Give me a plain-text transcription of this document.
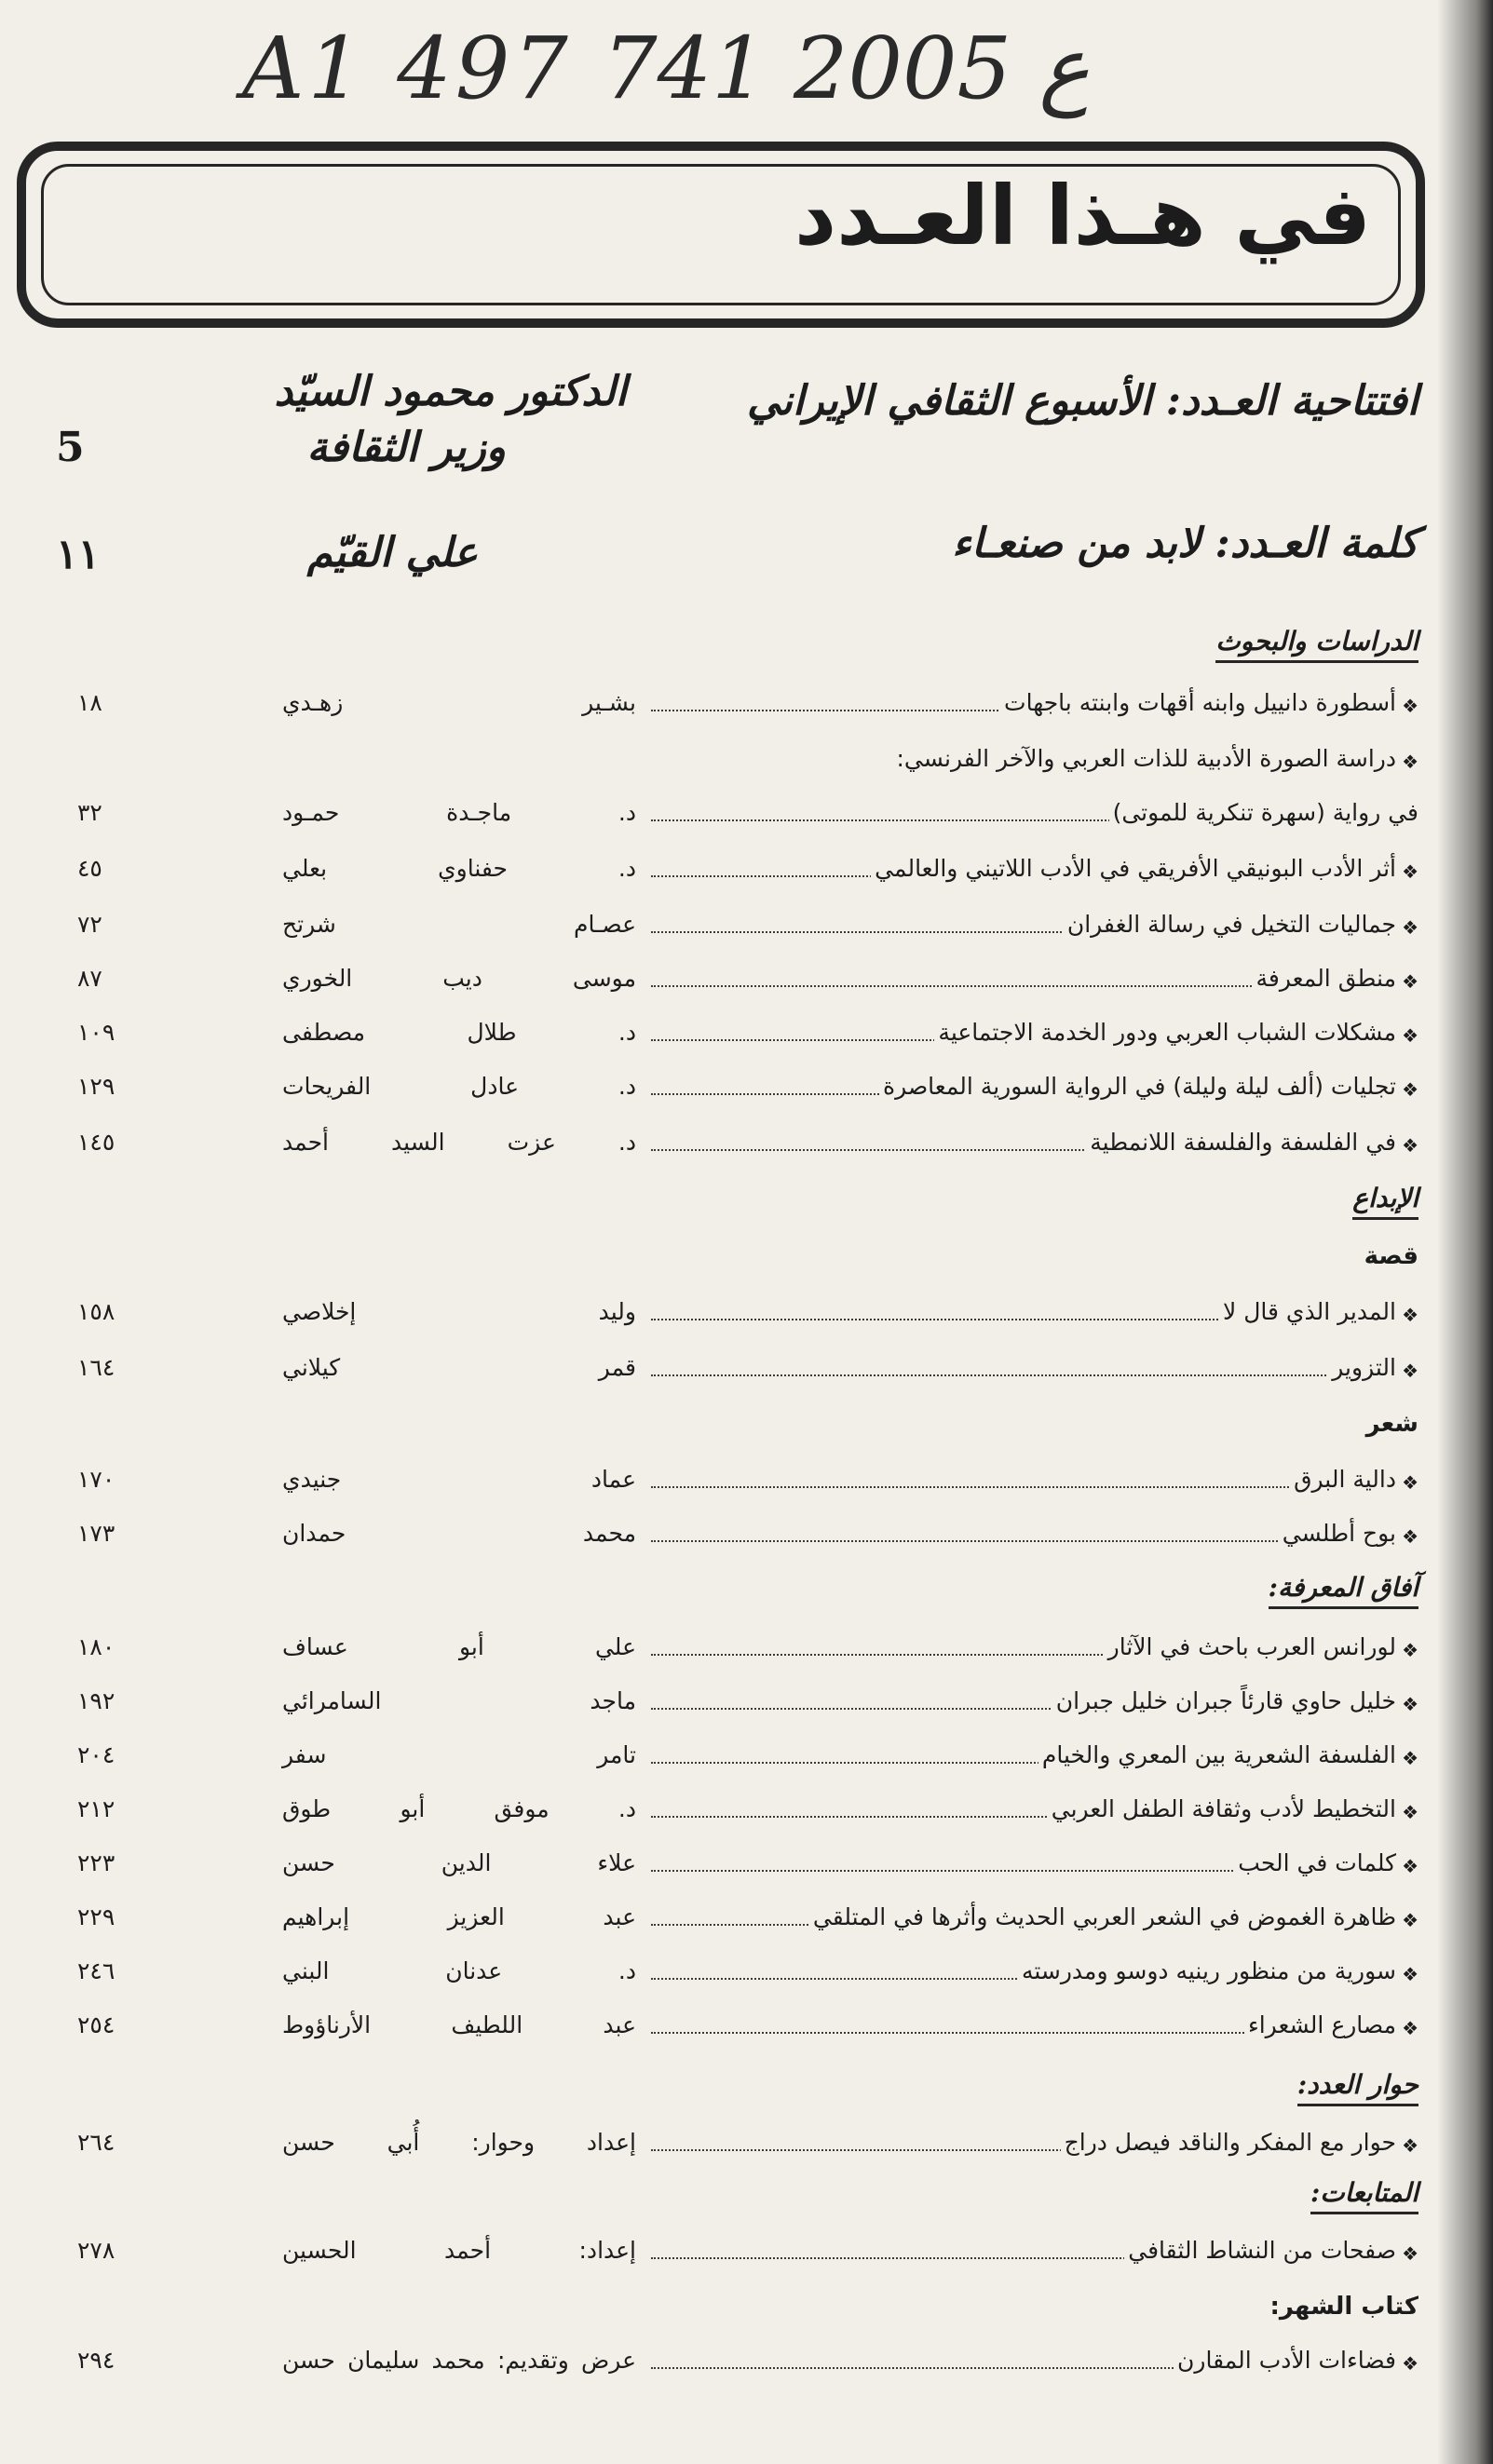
A1 497 ع 2005 741
في هـذا العـدد
افتتاحية العـدد: الأسبوع الثقافي الإيراني
الدكتور محمود السيّد
وزير الثقافة
5
كلمة العـدد: لابد من صنعـاء
علي القيّم
١١
الدراسات والبحوث
❖
أسطورة دانييل وابنه أقهات وابنته باجهات
بشـير زهـدي
١٨
❖
دراسة الصورة الأدبية للذات العربي والآخر الفرنسي:
في رواية (سهرة تنكرية للموتى)
د. ماجـدة حمـود
٣٢
❖
أثر الأدب البونيقي الأفريقي في الأدب اللاتيني والعالمي
د. حفناوي بعلي
٤٥
❖
جماليات التخيل في رسالة الغفران
عصـام شرتح
٧٢
❖
منطق المعرفة
موسى ديب الخوري
٨٧
❖
مشكلات الشباب العربي ودور الخدمة الاجتماعية
د. طلال مصطفى
١٠٩
❖
تجليات (ألف ليلة وليلة) في الرواية السورية المعاصرة
د. عادل الفريحات
١٢٩
❖
في الفلسفة والفلسفة اللانمطية
د. عزت السيد أحمد
١٤٥
الإبداع
قصة
❖
المدير الذي قال لا
وليد إخلاصي
١٥٨
❖
التزوير
قمر كيلاني
١٦٤
شعر
❖
دالية البرق
عماد جنيدي
١٧٠
❖
بوح أطلسي
محمد حمدان
١٧٣
آفاق المعرفة:
❖
لورانس العرب باحث في الآثار
علي أبو عساف
١٨٠
❖
خليل حاوي قارئاً جبران خليل جبران
ماجد السامرائي
١٩٢
❖
الفلسفة الشعرية بين المعري والخيام
تامر سفر
٢٠٤
❖
التخطيط لأدب وثقافة الطفل العربي
د. موفق أبو طوق
٢١٢
❖
كلمات في الحب
علاء الدين حسن
٢٢٣
❖
ظاهرة الغموض في الشعر العربي الحديث وأثرها في المتلقي
عبد العزيز إبراهيم
٢٢٩
❖
سورية من منظور رينيه دوسو ومدرسته
د. عدنان البني
٢٤٦
❖
مصارع الشعراء
عبد اللطيف الأرناؤوط
٢٥٤
حوار العدد:
❖
حوار مع المفكر والناقد فيصل دراج
إعداد وحوار: أُبي حسن
٢٦٤
المتابعات:
❖
صفحات من النشاط الثقافي
إعداد: أحمد الحسين
٢٧٨
كتاب الشهر:
❖
فضاءات الأدب المقارن
عرض وتقديم: محمد سليمان حسن
٢٩٤
